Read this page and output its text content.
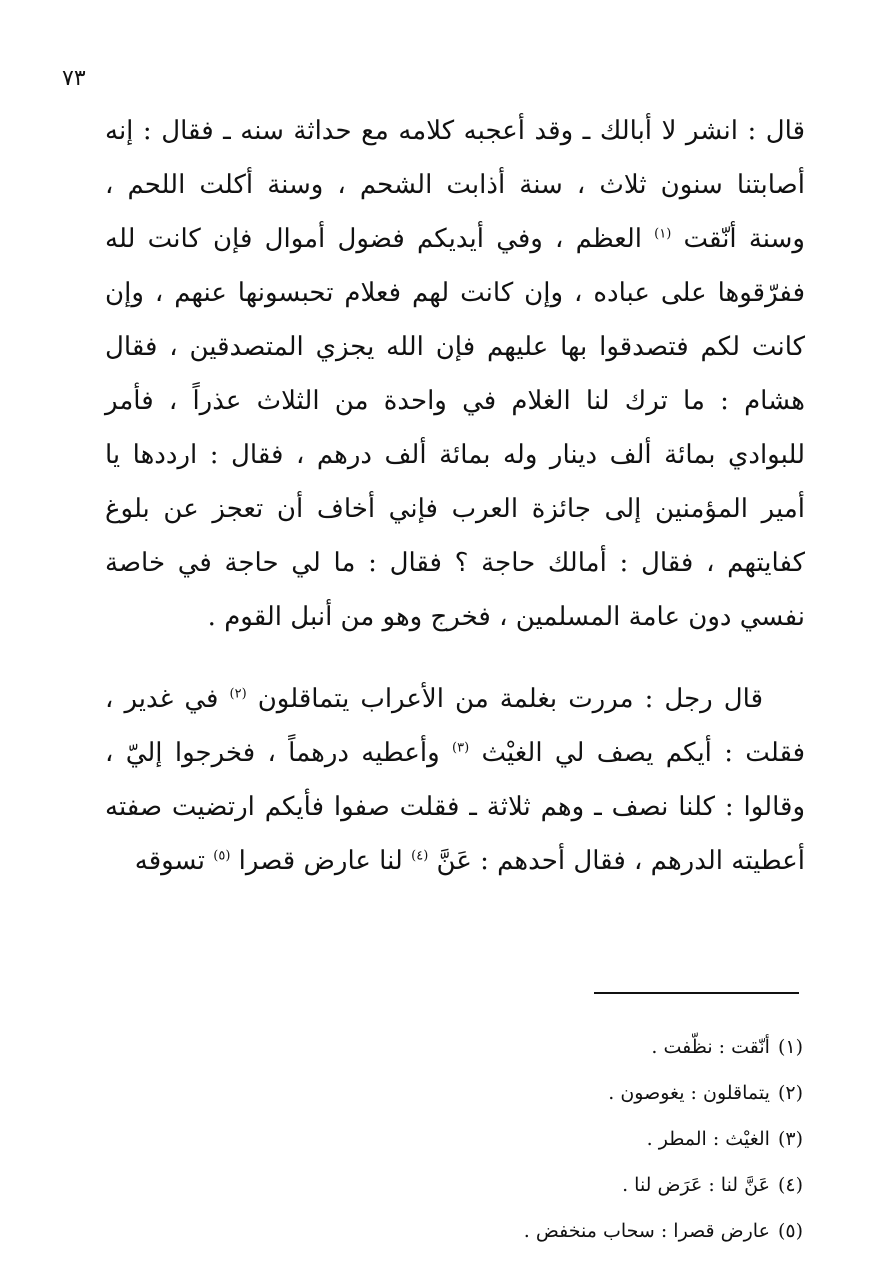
٧٣

قال : انشر لا أبالك ـ وقد أعجبه كلامه مع حداثة سنه ـ فقال : إنه أصابتنا سنون ثلاث ، سنة أذابت الشحم ، وسنة أكلت اللحم ، وسنة أنّقت $^{(١)}$ العظم ، وفي أيديكم فضول أموال فإن كانت لله ففرّقوها على عباده ، وإن كانت لهم فعلام تحبسونها عنهم ، وإن كانت لكم فتصدقوا بها عليهم فإن الله يجزي المتصدقين ، فقال هشام : ما ترك لنا الغلام في واحدة من الثلاث عذراً ، فأمر للبوادي بمائة ألف دينار وله بمائة ألف درهم ، فقال : ارددها يا أمير المؤمنين إلى جائزة العرب فإني أخاف أن تعجز عن بلوغ كفايتهم ، فقال : أمالك حاجة ؟ فقال : ما لي حاجة في خاصة نفسي دون عامة المسلمين ، فخرج وهو من أنبل القوم .

قال رجل : مررت بغلمة من الأعراب يتماقلون $^{(٢)}$ في غدير ، فقلت : أيكم يصف لي الغيْث $^{(٣)}$ وأعطيه درهماً ، فخرجوا إليّ ، وقالوا : كلنا نصف ـ وهم ثلاثة ـ فقلت صفوا فأيكم ارتضيت صفته أعطيته الدرهم ، فقال أحدهم : عَنَّ $^{(٤)}$ لنا عارض قصرا $^{(٥)}$ تسوقه

(١)أنّقت : نظّفت .
(٢)يتماقلون : يغوصون .
(٣)الغيْث : المطر .
(٤)عَنَّ لنا : عَرَض لنا .
(٥)عارض قصرا : سحاب منخفض .
